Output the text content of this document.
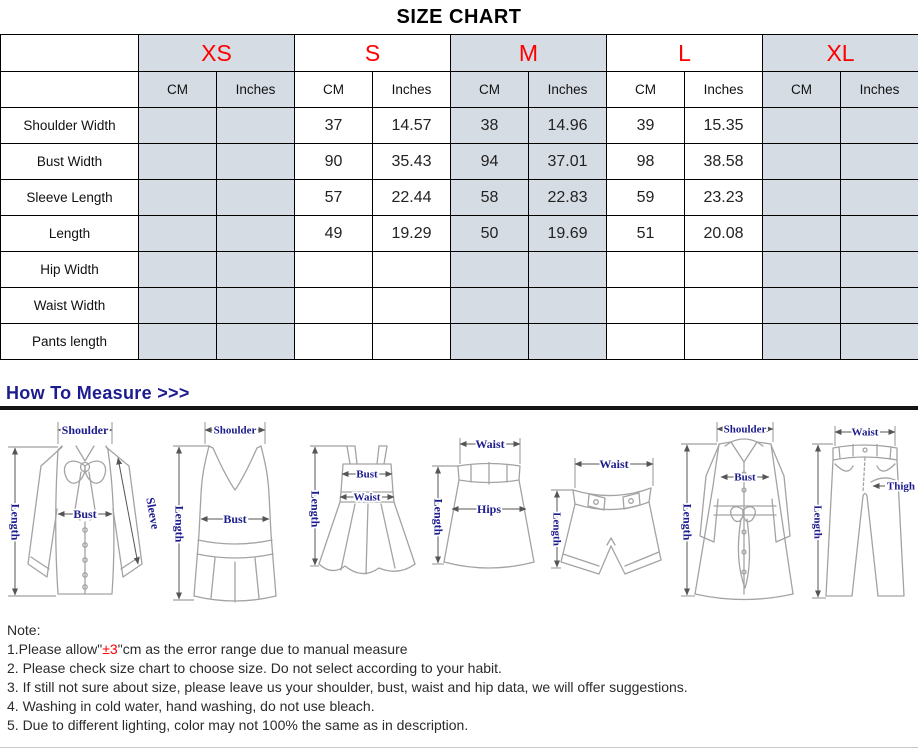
SIZE CHART
	XS		S		M		L		XL	
	CM	Inches	CM	Inches	CM	Inches	CM	Inches	CM	Inches
Shoulder Width			37	14.57	38	14.96	39	15.35		
Bust Width			90	35.43	94	37.01	98	38.58		
Sleeve Length			57	22.44	58	22.83	59	23.23		
Length			49	19.29	50	19.69	51	20.08		
Hip Width										
Waist Width										
Pants length										
How To Measure >>>
Shoulder
Bust
Length	Sleeve
Shoulder
Bust
Length
Bust
Waist
Length
Waist
Hips
Length
Waist
Length
Shoulder
Bust
Length
Waist
Thigh
Length
Note:
1.Please allow"±3"cm as the error range due to manual measure
2. Please check size chart to choose size. Do not select according to your habit.
3. If still not sure about size, please leave us your shoulder, bust, waist and hip data, we will offer suggestions.
4. Washing in cold water, hand washing, do not use bleach.
5. Due to different lighting, color may not 100% the same as in description.
